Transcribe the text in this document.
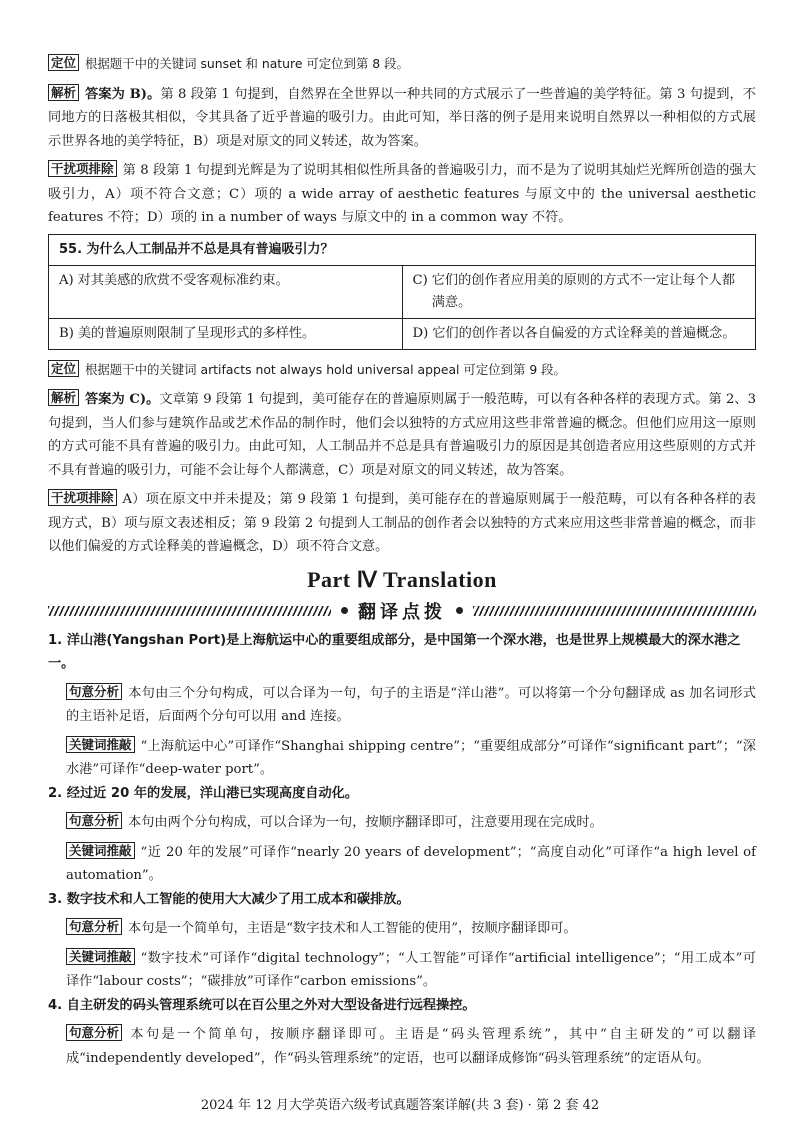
定位 根据题干中的关键词 sunset 和 nature 可定位到第 8 段。

解析 答案为 B)。第 8 段第 1 句提到，自然界在全世界以一种共同的方式展示了一些普遍的美学特征。第 3 句提到，不同地方的日落极其相似，令其具备了近乎普遍的吸引力。由此可知，举日落的例子是用来说明自然界以一种相似的方式展示世界各地的美学特征，B）项是对原文的同义转述，故为答案。

干扰项排除 第 8 段第 1 句提到光辉是为了说明其相似性所具备的普遍吸引力，而不是为了说明其灿烂光辉所创造的强大吸引力，A）项不符合文意；C）项的 a wide array of aesthetic features 与原文中的 the universal aesthetic features 不符；D）项的 in a number of ways 与原文中的 in a common way 不符。

55. 为什么人工制品并不总是具有普遍吸引力？	

A) 对其美感的欣赏不受客观标准约束。	C) 它们的创作者应用美的原则的方式不一定让每个人都满意。

B) 美的普遍原则限制了呈现形式的多样性。	D) 它们的创作者以各自偏爱的方式诠释美的普遍概念。

定位 根据题干中的关键词 artifacts not always hold universal appeal 可定位到第 9 段。

解析 答案为 C)。文章第 9 段第 1 句提到，美可能存在的普遍原则属于一般范畴，可以有各种各样的表现方式。第 2、3 句提到，当人们参与建筑作品或艺术作品的制作时，他们会以独特的方式应用这些非常普遍的概念。但他们应用这一原则的方式可能不具有普遍的吸引力。由此可知，人工制品并不总是具有普遍吸引力的原因是其创造者应用这些原则的方式并不具有普遍的吸引力，可能不会让每个人都满意，C）项是对原文的同义转述，故为答案。

干扰项排除 A）项在原文中并未提及；第 9 段第 1 句提到，美可能存在的普遍原则属于一般范畴，可以有各种各样的表现方式，B）项与原文表述相反；第 9 段第 2 句提到人工制品的创作者会以独特的方式来应用这些非常普遍的概念，而非以他们偏爱的方式诠释美的普遍概念，D）项不符合文意。

Part Ⅳ Translation
翻译点拨

1. 洋山港(Yangshan Port)是上海航运中心的重要组成部分，是中国第一个深水港，也是世界上规模最大的深水港之一。

句意分析 本句由三个分句构成，可以合译为一句，句子的主语是“洋山港”。可以将第一个分句翻译成 as 加名词形式的主语补足语，后面两个分句可以用 and 连接。

关键词推敲 “上海航运中心”可译作“Shanghai shipping centre”；“重要组成部分”可译作“significant part”；“深水港”可译作“deep-water port”。

2. 经过近 20 年的发展，洋山港已实现高度自动化。

句意分析 本句由两个分句构成，可以合译为一句，按顺序翻译即可，注意要用现在完成时。

关键词推敲 “近 20 年的发展”可译作“nearly 20 years of development”；“高度自动化”可译作“a high level of automation”。

3. 数字技术和人工智能的使用大大减少了用工成本和碳排放。

句意分析 本句是一个简单句，主语是“数字技术和人工智能的使用”，按顺序翻译即可。

关键词推敲 “数字技术”可译作“digital technology”；“人工智能”可译作“artificial intelligence”；“用工成本”可译作“labour costs”；“碳排放”可译作“carbon emissions”。

4. 自主研发的码头管理系统可以在百公里之外对大型设备进行远程操控。

句意分析 本句是一个简单句，按顺序翻译即可。主语是“码头管理系统”，其中“自主研发的”可以翻译成“independently developed”，作“码头管理系统”的定语，也可以翻译成修饰“码头管理系统”的定语从句。

2024 年 12 月大学英语六级考试真题答案详解(共 3 套) · 第 2 套 42
